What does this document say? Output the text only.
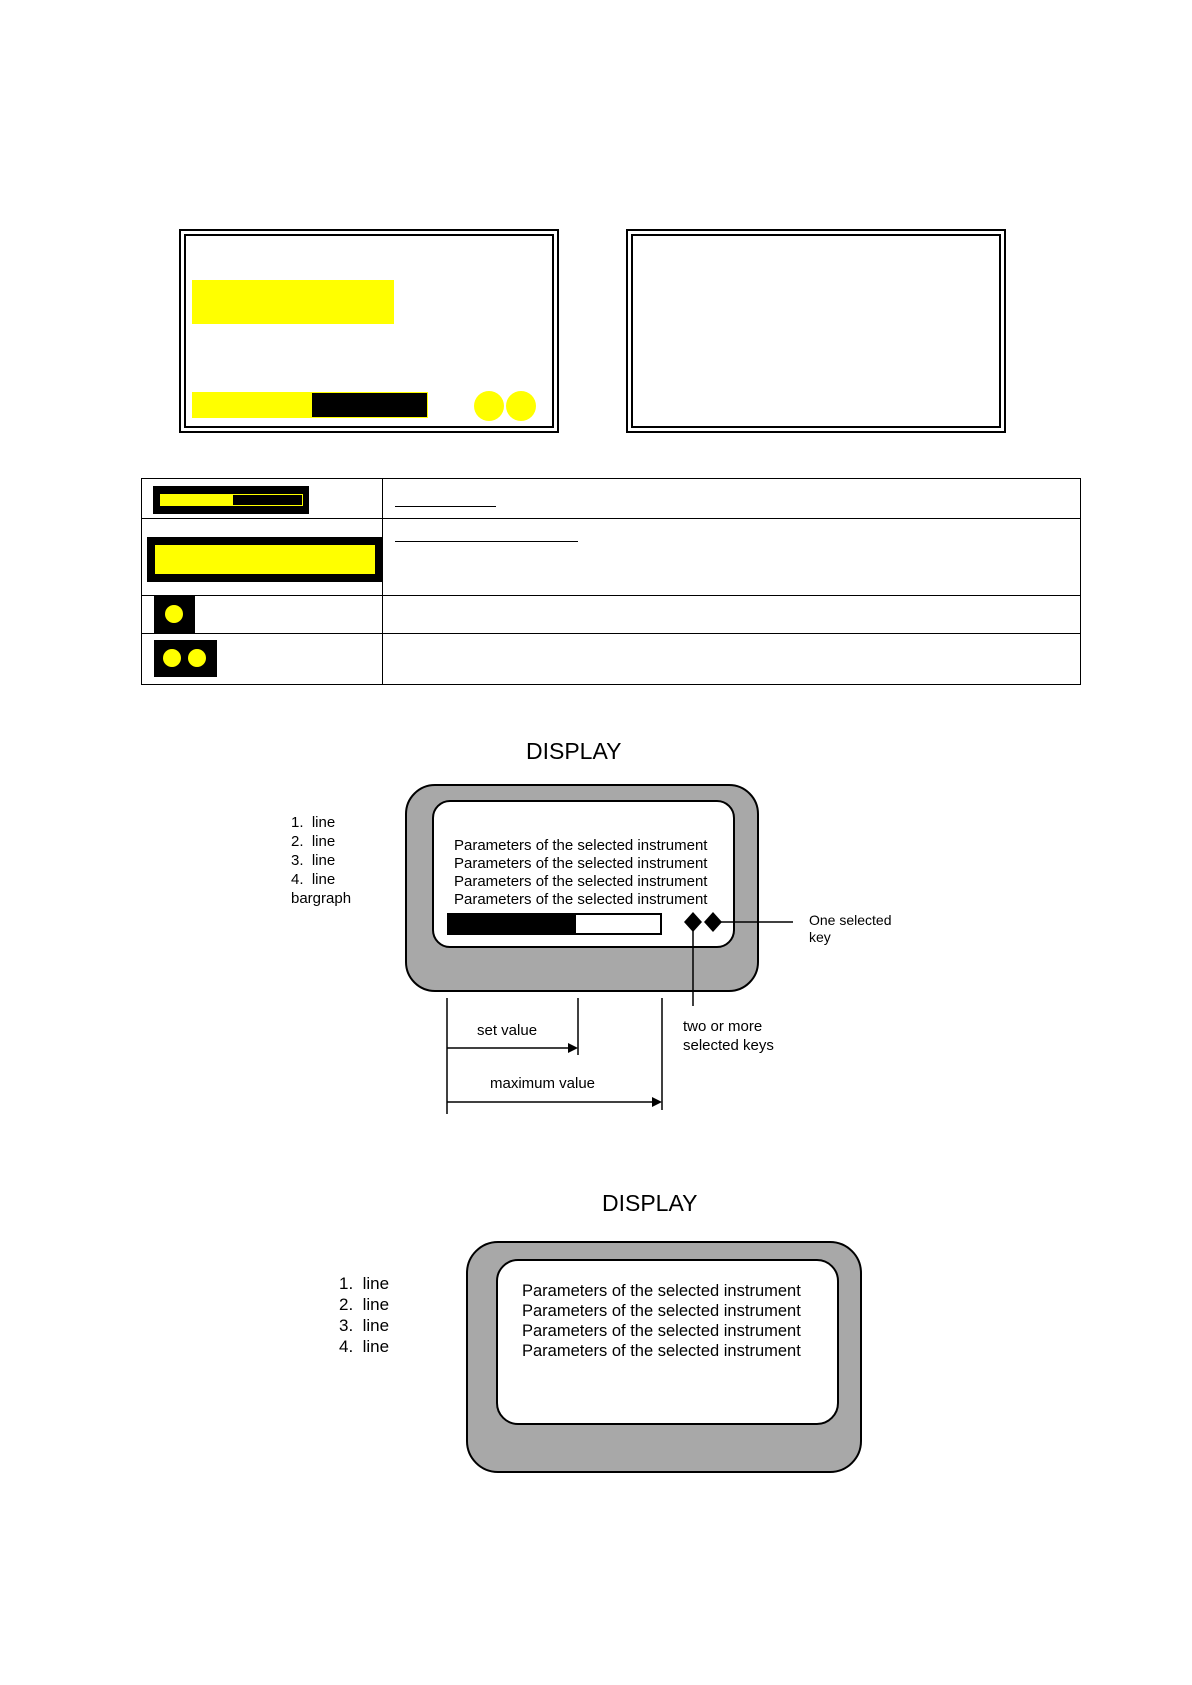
DISPLAY
1.  line
2.  line
3.  line
4.  line
bargraph
Parameters of the selected instrument
Parameters of the selected instrument
Parameters of the selected instrument
Parameters of the selected instrument
One selected
key
two or more
selected keys
set value
maximum value
DISPLAY
1.  line
2.  line
3.  line
4.  line
Parameters of the selected instrument
Parameters of the selected instrument
Parameters of the selected instrument
Parameters of the selected instrument
